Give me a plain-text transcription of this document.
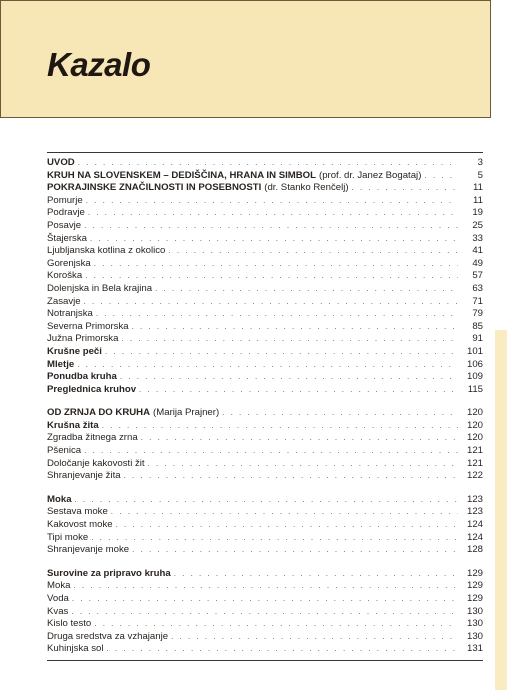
Kazalo
UVOD . . .	3
KRUH NA SLOVENSKEM – DEDIŠČINA, HRANA IN SIMBOL (prof. dr. Janez Bogataj) . . .	5
POKRAJINSKE ZNAČILNOSTI IN POSEBNOSTI (dr. Stanko Renčelj) . . .	11
Pomurje . . .	11
Podravje . . .	19
Posavje . . .	25
Štajerska . . .	33
Ljubljanska kotlina z okolico . . .	41
Gorenjska . . .	49
Koroška . . .	57
Dolenjska in Bela krajina . . .	63
Zasavje . . .	71
Notranjska . . .	79
Severna Primorska . . .	85
Južna Primorska . . .	91
Krušne peči . . .	101
Mletje . . .	106
Ponudba kruha . . .	109
Preglednica kruhov . . .	115
OD ZRNJA DO KRUHA (Marija Prajner) . . .	120
Krušna žita . . .	120
Zgradba žitnega zrna . . .	120
Pšenica . . .	121
Določanje kakovosti žit . . .	121
Shranjevanje žita . . .	122
Moka . . .	123
Sestava moke . . .	123
Kakovost moke . . .	124
Tipi moke . . .	124
Shranjevanje moke . . .	128
Surovine za pripravo kruha . . .	129
Moka . . .	129
Voda . . .	129
Kvas . . .	130
Kislo testo . . .	130
Druga sredstva za vzhajanje . . .	130
Kuhinjska sol . . .	131
